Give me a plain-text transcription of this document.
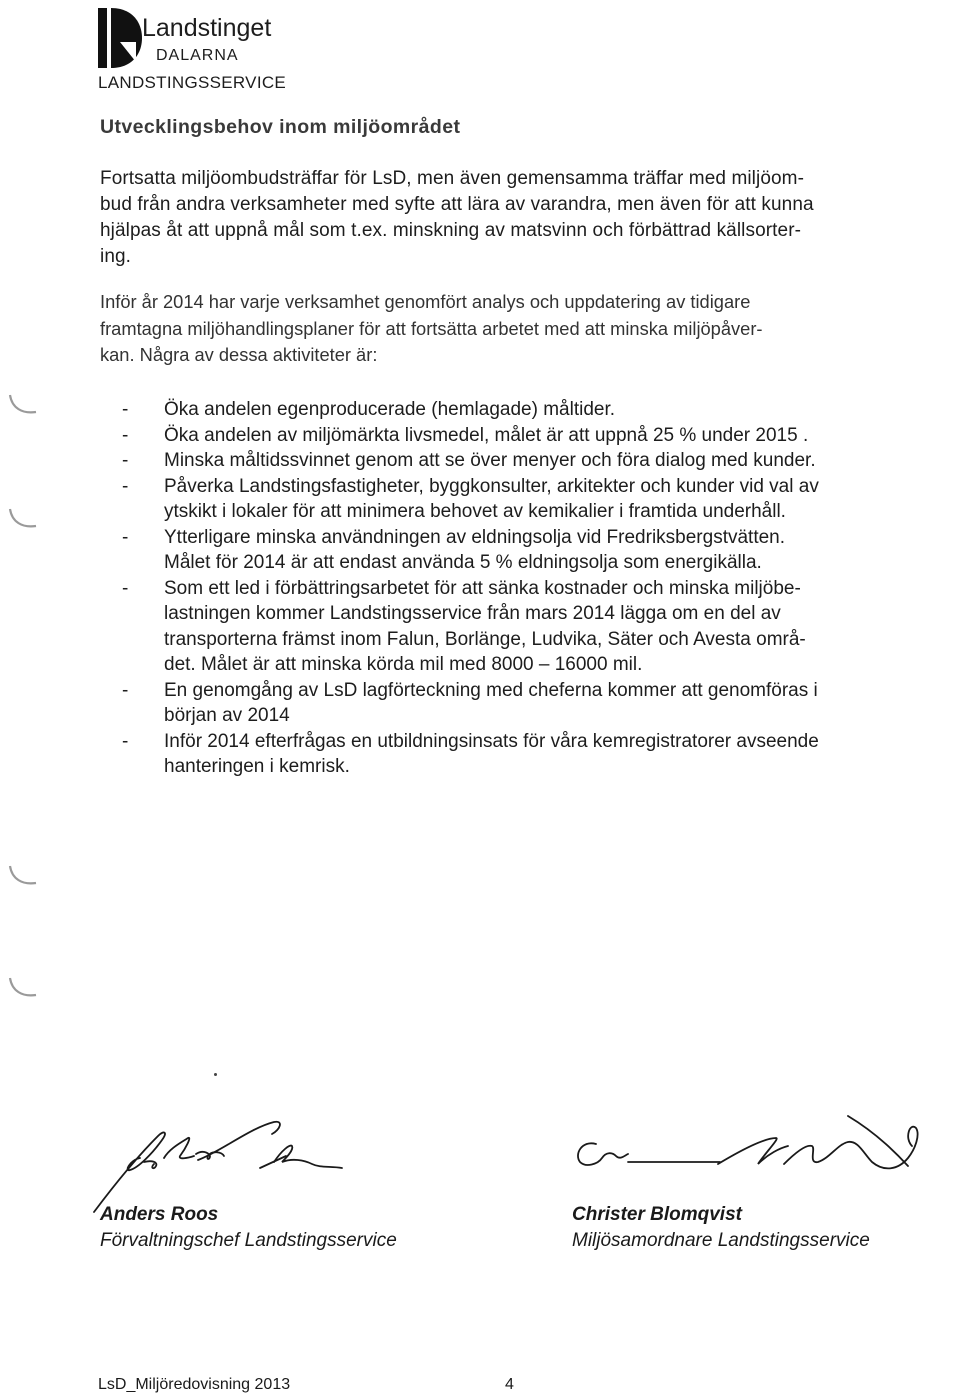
Landstinget
DALARNA
LANDSTINGSSERVICE
Utvecklingsbehov inom miljöområdet
Fortsatta miljöombudsträffar för LsD, men även gemensamma träffar med miljöom-
bud från andra verksamheter med syfte att lära av varandra, men även för att kunna
hjälpas åt att uppnå mål som t.ex. minskning av matsvinn och förbättrad källsorter-
ing.
Inför år 2014 har varje verksamhet genomfört analys och uppdatering av tidigare
framtagna miljöhandlingsplaner för att fortsätta arbetet med att minska miljöpåver-
kan. Några av dessa aktiviteter är:
- Öka andelen egenproducerade (hemlagade) måltider.
- Öka andelen av miljömärkta livsmedel, målet är att uppnå 25 % under 2015 .
- Minska måltidssvinnet genom att se över menyer och föra dialog med kunder.
- Påverka Landstingsfastigheter, byggkonsulter, arkitekter och kunder vid val av
ytskikt i lokaler för att minimera behovet av kemikalier i framtida underhåll.
- Ytterligare minska användningen av eldningsolja vid Fredriksbergstvätten.
Målet för 2014 är att endast använda 5 % eldningsolja som energikälla.
- Som ett led i förbättringsarbetet för att sänka kostnader och minska miljöbe-
lastningen kommer Landstingsservice från mars 2014 lägga om en del av
transporterna främst inom Falun, Borlänge, Ludvika, Säter och Avesta områ-
det. Målet är att minska körda mil med 8000 – 16000 mil.
- En genomgång av LsD lagförteckning med cheferna kommer att genomföras i
början av 2014
- Inför 2014 efterfrågas en utbildningsinsats för våra kemregistratorer avseende
hanteringen i kemrisk.
Anders Roos
Förvaltningschef Landstingsservice
Christer Blomqvist
Miljösamordnare Landstingsservice
LsD_Miljöredovisning 2013	4
